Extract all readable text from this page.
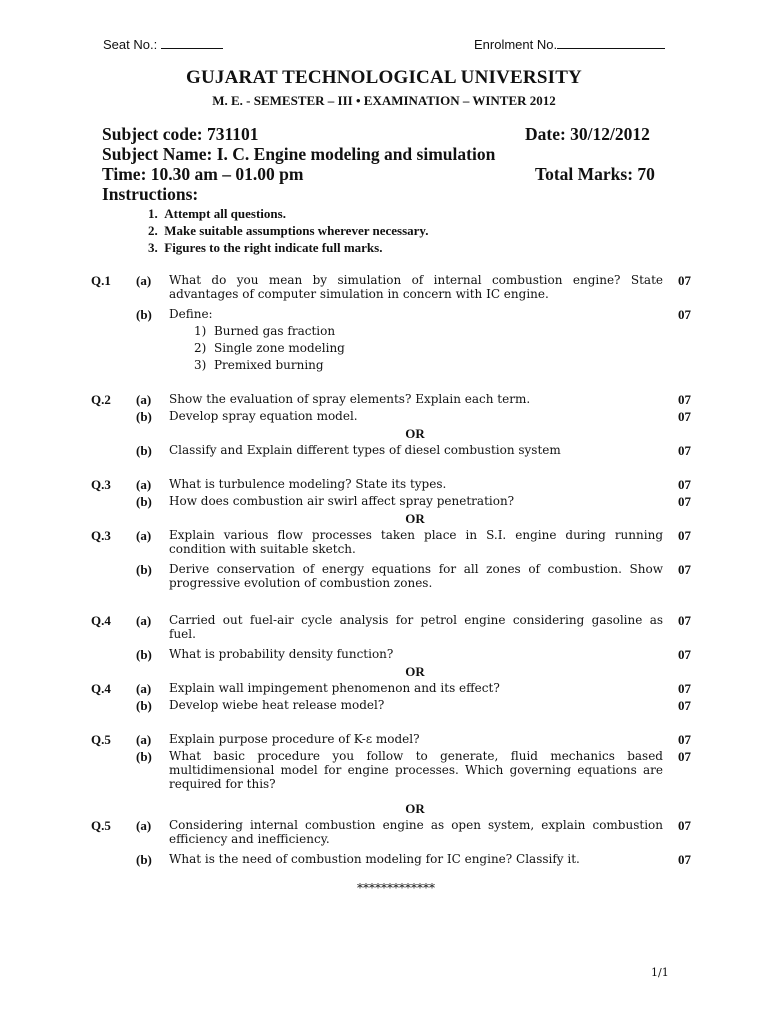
Seat No.:	Enrolment No.
GUJARAT TECHNOLOGICAL UNIVERSITY
M. E. - SEMESTER – III • EXAMINATION – WINTER 2012
Subject code: 731101	Date: 30/12/2012
Subject Name: I. C. Engine modeling and simulation
Time: 10.30 am – 01.00 pm	Total Marks: 70
Instructions:
1. Attempt all questions.
2. Make suitable assumptions wherever necessary.
3. Figures to the right indicate full marks.
Q.1 (a) What do you mean by simulation of internal combustion engine? State
advantages of computer simulation in concern with IC engine.
07
(b) Define:	07
1) Burned gas fraction
2) Single zone modeling
3) Premixed burning
Q.2 (a) Show the evaluation of spray elements? Explain each term.	07
(b) Develop spray equation model.	07
OR
(b) Classify and Explain different types of diesel combustion system	07
Q.3 (a) What is turbulence modeling? State its types.	07
(b) How does combustion air swirl affect spray penetration?	07
OR
Q.3 (a) Explain various flow processes taken place in S.I. engine during running
condition with suitable sketch.
07
(b) Derive conservation of energy equations for all zones of combustion. Show
progressive evolution of combustion zones.
07
Q.4 (a) Carried out fuel-air cycle analysis for petrol engine considering gasoline as
fuel.
07
(b) What is probability density function?	07
OR
Q.4 (a) Explain wall impingement phenomenon and its effect?	07
(b) Develop wiebe heat release model?	07
Q.5 (a) Explain purpose procedure of K-ε model?	07
(b) What basic procedure you follow to generate, fluid mechanics based
multidimensional model for engine processes. Which governing equations are
required for this?
07
OR
Q.5 (a) Considering internal combustion engine as open system, explain combustion
efficiency and inefficiency.
07
(b) What is the need of combustion modeling for IC engine? Classify it.	07
*************
1/1
